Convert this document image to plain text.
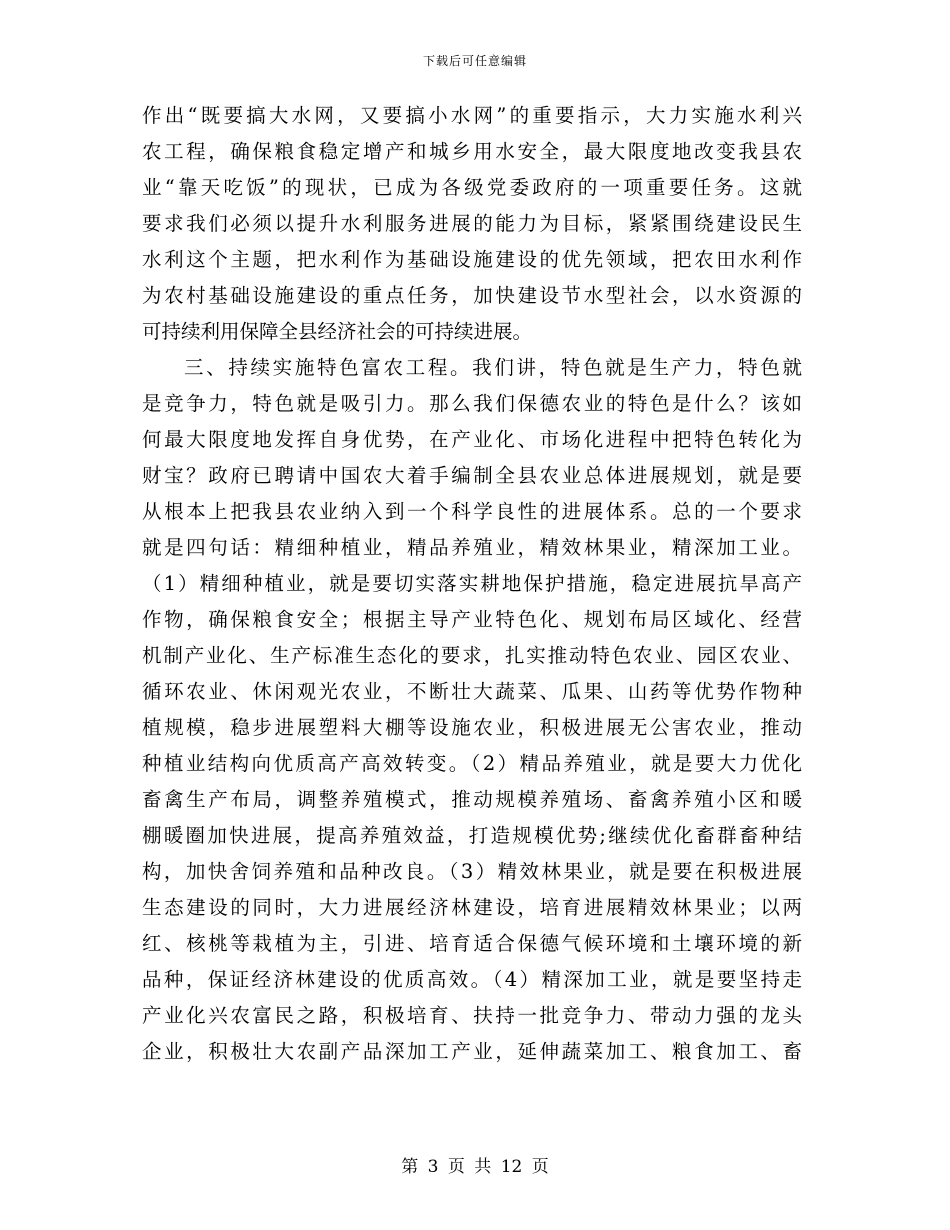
下载后可任意编辑
作出“既要搞大水网，又要搞小水网”的重要指示，大力实施水利兴
农工程，确保粮食稳定增产和城乡用水安全，最大限度地改变我县农
业“靠天吃饭”的现状，已成为各级党委政府的一项重要任务。这就
要求我们必须以提升水利服务进展的能力为目标，紧紧围绕建设民生
水利这个主题，把水利作为基础设施建设的优先领域，把农田水利作
为农村基础设施建设的重点任务，加快建设节水型社会，以水资源的
可持续利用保障全县经济社会的可持续进展。
三、持续实施特色富农工程。我们讲，特色就是生产力，特色就
是竞争力，特色就是吸引力。那么我们保德农业的特色是什么？该如
何最大限度地发挥自身优势，在产业化、市场化进程中把特色转化为
财宝？政府已聘请中国农大着手编制全县农业总体进展规划，就是要
从根本上把我县农业纳入到一个科学良性的进展体系。总的一个要求
就是四句话：精细种植业，精品养殖业，精效林果业，精深加工业。
（1）精细种植业，就是要切实落实耕地保护措施，稳定进展抗旱高产
作物，确保粮食安全；根据主导产业特色化、规划布局区域化、经营
机制产业化、生产标准生态化的要求，扎实推动特色农业、园区农业、
循环农业、休闲观光农业，不断壮大蔬菜、瓜果、山药等优势作物种
植规模，稳步进展塑料大棚等设施农业，积极进展无公害农业，推动
种植业结构向优质高产高效转变。（2）精品养殖业，就是要大力优化
畜禽生产布局，调整养殖模式，推动规模养殖场、畜禽养殖小区和暖
棚暖圈加快进展，提高养殖效益，打造规模优势;继续优化畜群畜种结
构，加快舍饲养殖和品种改良。（3）精效林果业，就是要在积极进展
生态建设的同时，大力进展经济林建设，培育进展精效林果业；以两
红、核桃等栽植为主，引进、培育适合保德气候环境和土壤环境的新
品种，保证经济林建设的优质高效。（4）精深加工业，就是要坚持走
产业化兴农富民之路，积极培育、扶持一批竞争力、带动力强的龙头
企业，积极壮大农副产品深加工产业，延伸蔬菜加工、粮食加工、畜
第 3 页 共 12 页
